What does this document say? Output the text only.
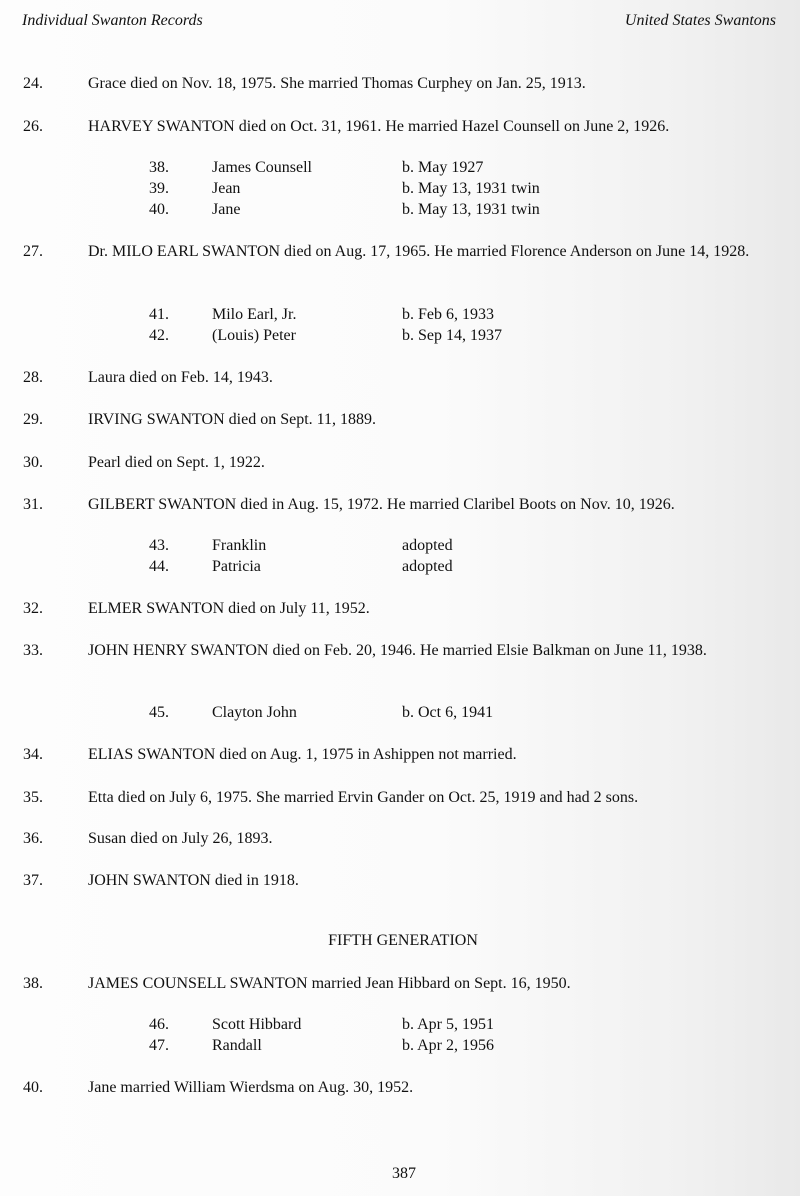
Individual Swanton Records	United States Swantons
24.	Grace died on Nov. 18, 1975. She married Thomas Curphey on Jan. 25, 1913.
26.	HARVEY SWANTON died on Oct. 31, 1961. He married Hazel Counsell on June 2, 1926.
38.	James Counsell	b. May 1927
39.	Jean	b. May 13, 1931 twin
40.	Jane	b. May 13, 1931 twin
27.	Dr. MILO EARL SWANTON died on Aug. 17, 1965. He married Florence Anderson on June 14, 1928.
41.	Milo Earl, Jr.	b. Feb 6, 1933
42.	(Louis) Peter	b. Sep 14, 1937
28.	Laura died on Feb. 14, 1943.
29.	IRVING SWANTON died on Sept. 11, 1889.
30.	Pearl died on Sept. 1, 1922.
31.	GILBERT SWANTON died in Aug. 15, 1972. He married Claribel Boots on Nov. 10, 1926.
43.	Franklin	adopted
44.	Patricia	adopted
32.	ELMER SWANTON died on July 11, 1952.
33.	JOHN HENRY SWANTON died on Feb. 20, 1946. He married Elsie Balkman on June 11, 1938.
45.	Clayton John	b. Oct 6, 1941
34.	ELIAS SWANTON died on Aug. 1, 1975 in Ashippen not married.
35.	Etta died on July 6, 1975. She married Ervin Gander on Oct. 25, 1919 and had 2 sons.
36.	Susan died on July 26, 1893.
37.	JOHN SWANTON died in 1918.
FIFTH GENERATION
38.	JAMES COUNSELL SWANTON married Jean Hibbard on Sept. 16, 1950.
46.	Scott Hibbard	b. Apr 5, 1951
47.	Randall	b. Apr 2, 1956
40.	Jane married William Wierdsma on Aug. 30, 1952.
387
